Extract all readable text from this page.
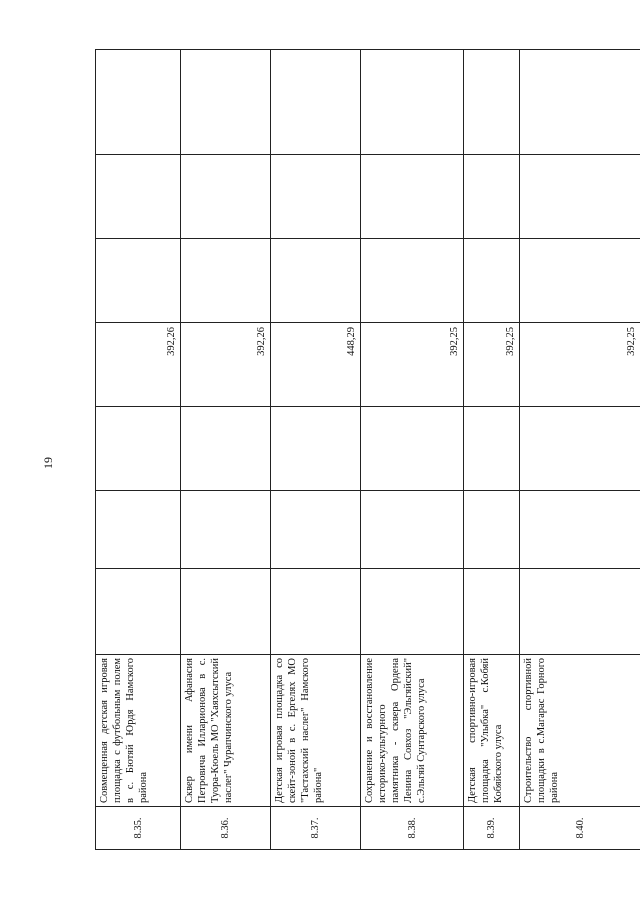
19
8.35.	Совмещенная детская игровая площадка с футбольным полем в с. Бютяй Юрдя Намского района				392,26			
8.36.	Сквер имени Афанасия Петровича Илларионова в с. Туора-Кюель МО "Хаяхсытский наслег" Чурапчинского улуса				392,26			
8.37.	Детская игровая площадка со скейт-зоной в с. Ергелях МО "Тастахский наслег" Намского района"				448,29			
8.38.	Сохранение и восстановление историко-культурного памятника - сквера Ордена Ленина Совхоз "Эльгяйский" с.Эльгяй Сунтарского улуса				392,25			
8.39.	Детская спортивно-игровая площадка "Улыбка" с.Кобяй Кобяйского улуса				392,25			
8.40.	Строительство спортивной площадки в с.Магарас Горного района				392,25			
